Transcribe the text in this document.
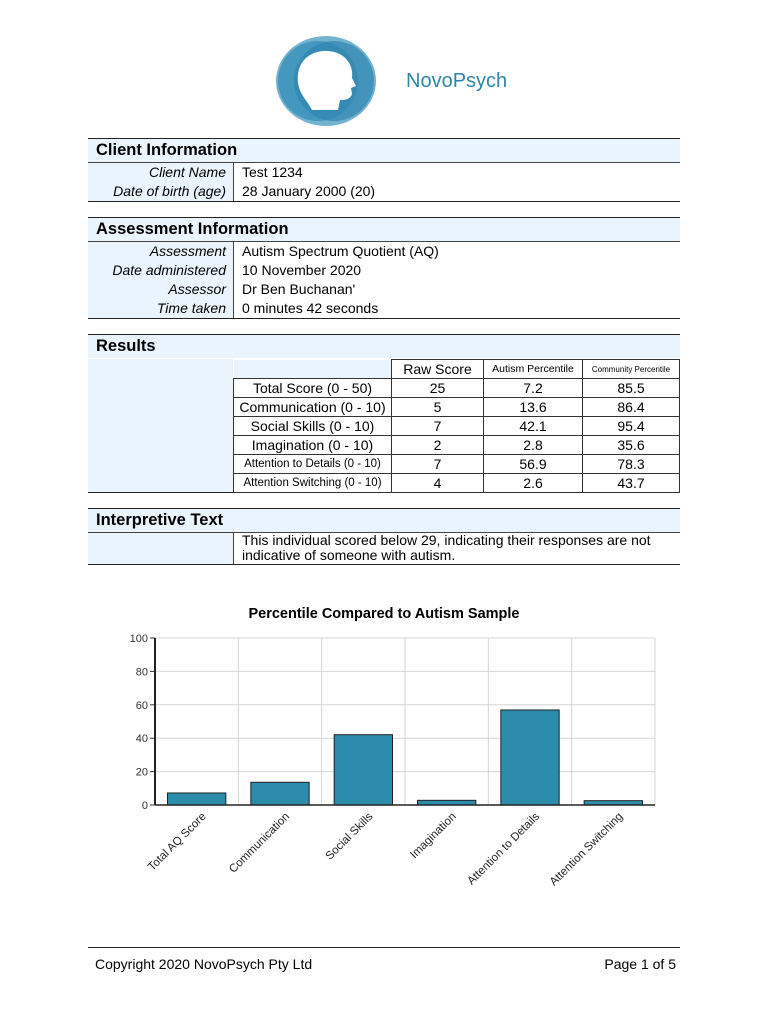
NovoPsych
Client Information
Client Name	Test 1234
Date of birth (age)	28 January 2000 (20)
Assessment Information
Assessment	Autism Spectrum Quotient (AQ)
Date administered	10 November 2020
Assessor	Dr Ben Buchanan'
Time taken	0 minutes 42 seconds
Results
	Raw Score	Autism Percentile	Community Percentile
Total Score (0 - 50)	25	7.2	85.5
Communication (0 - 10)	5	13.6	86.4
Social Skills (0 - 10)	7	42.1	95.4
Imagination (0 - 10)	2	2.8	35.6
Attention to Details (0 - 10)	7	56.9	78.3
Attention Switching (0 - 10)	4	2.6	43.7
Interpretive Text
This individual scored below 29, indicating their responses are not indicative of someone with autism.
Percentile Compared to Autism Sample
0
20
40
60
80
100
Total AQ Score Communication	Social Skills	Imagination Attention to Details Attention Switching
Copyright 2020 NovoPsych Pty Ltd	Page 1 of 5
